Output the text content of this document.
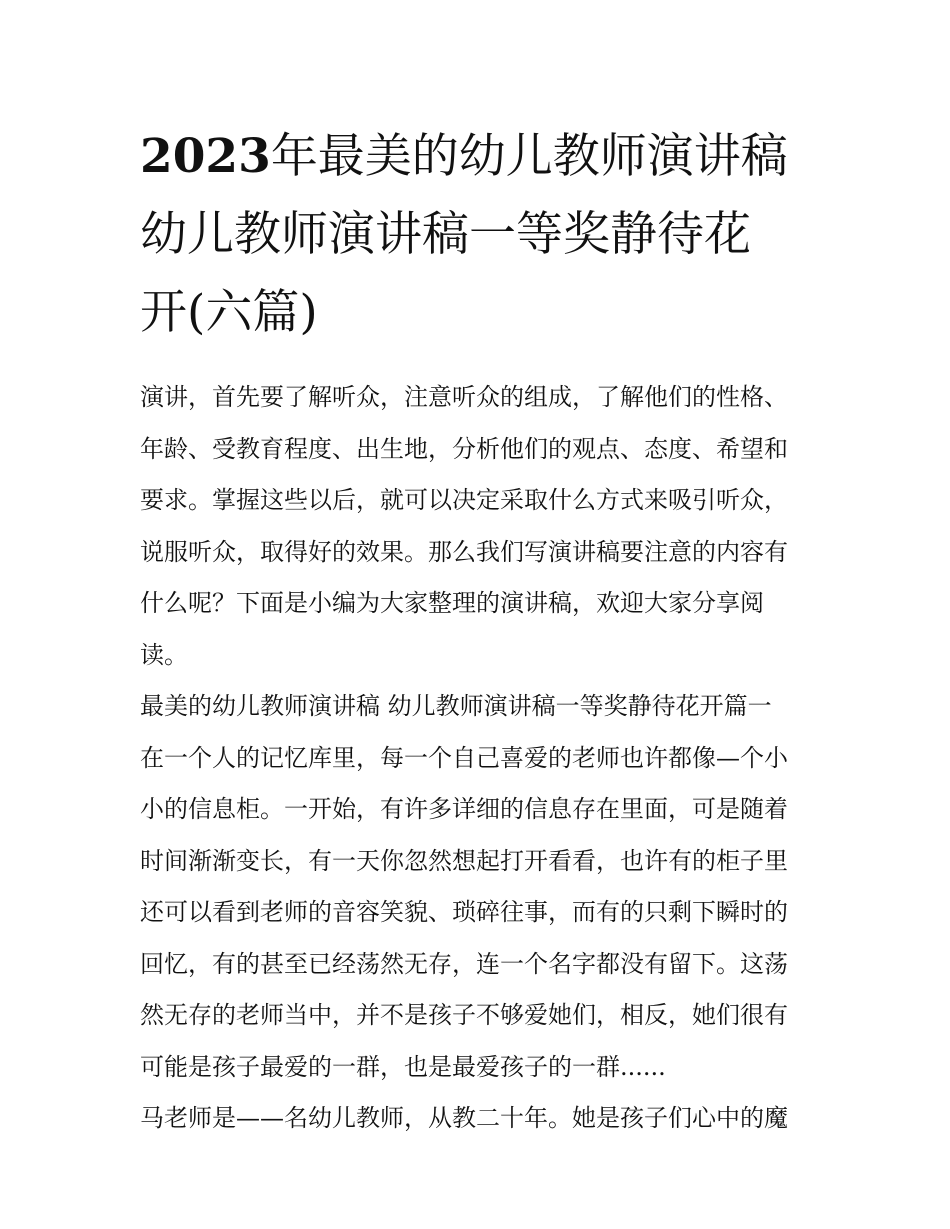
2023年最美的幼儿教师演讲稿
幼儿教师演讲稿一等奖静待花
开(六篇)
演讲，首先要了解听众，注意听众的组成，了解他们的性格、
年龄、受教育程度、出生地，分析他们的观点、态度、希望和
要求。掌握这些以后，就可以决定采取什么方式来吸引听众，
说服听众，取得好的效果。那么我们写演讲稿要注意的内容有
什么呢？下面是小编为大家整理的演讲稿，欢迎大家分享阅
读。
最美的幼儿教师演讲稿 幼儿教师演讲稿一等奖静待花开篇一
在一个人的记忆库里，每一个自己喜爱的老师也许都像—个小
小的信息柜。一开始，有许多详细的信息存在里面，可是随着
时间渐渐变长，有一天你忽然想起打开看看，也许有的柜子里
还可以看到老师的音容笑貌、琐碎往事，而有的只剩下瞬时的
回忆，有的甚至已经荡然无存，连一个名字都没有留下。这荡
然无存的老师当中，并不是孩子不够爱她们，相反，她们很有
可能是孩子最爱的一群，也是最爱孩子的一群......
马老师是——名幼儿教师，从教二十年。她是孩子们心中的魔
